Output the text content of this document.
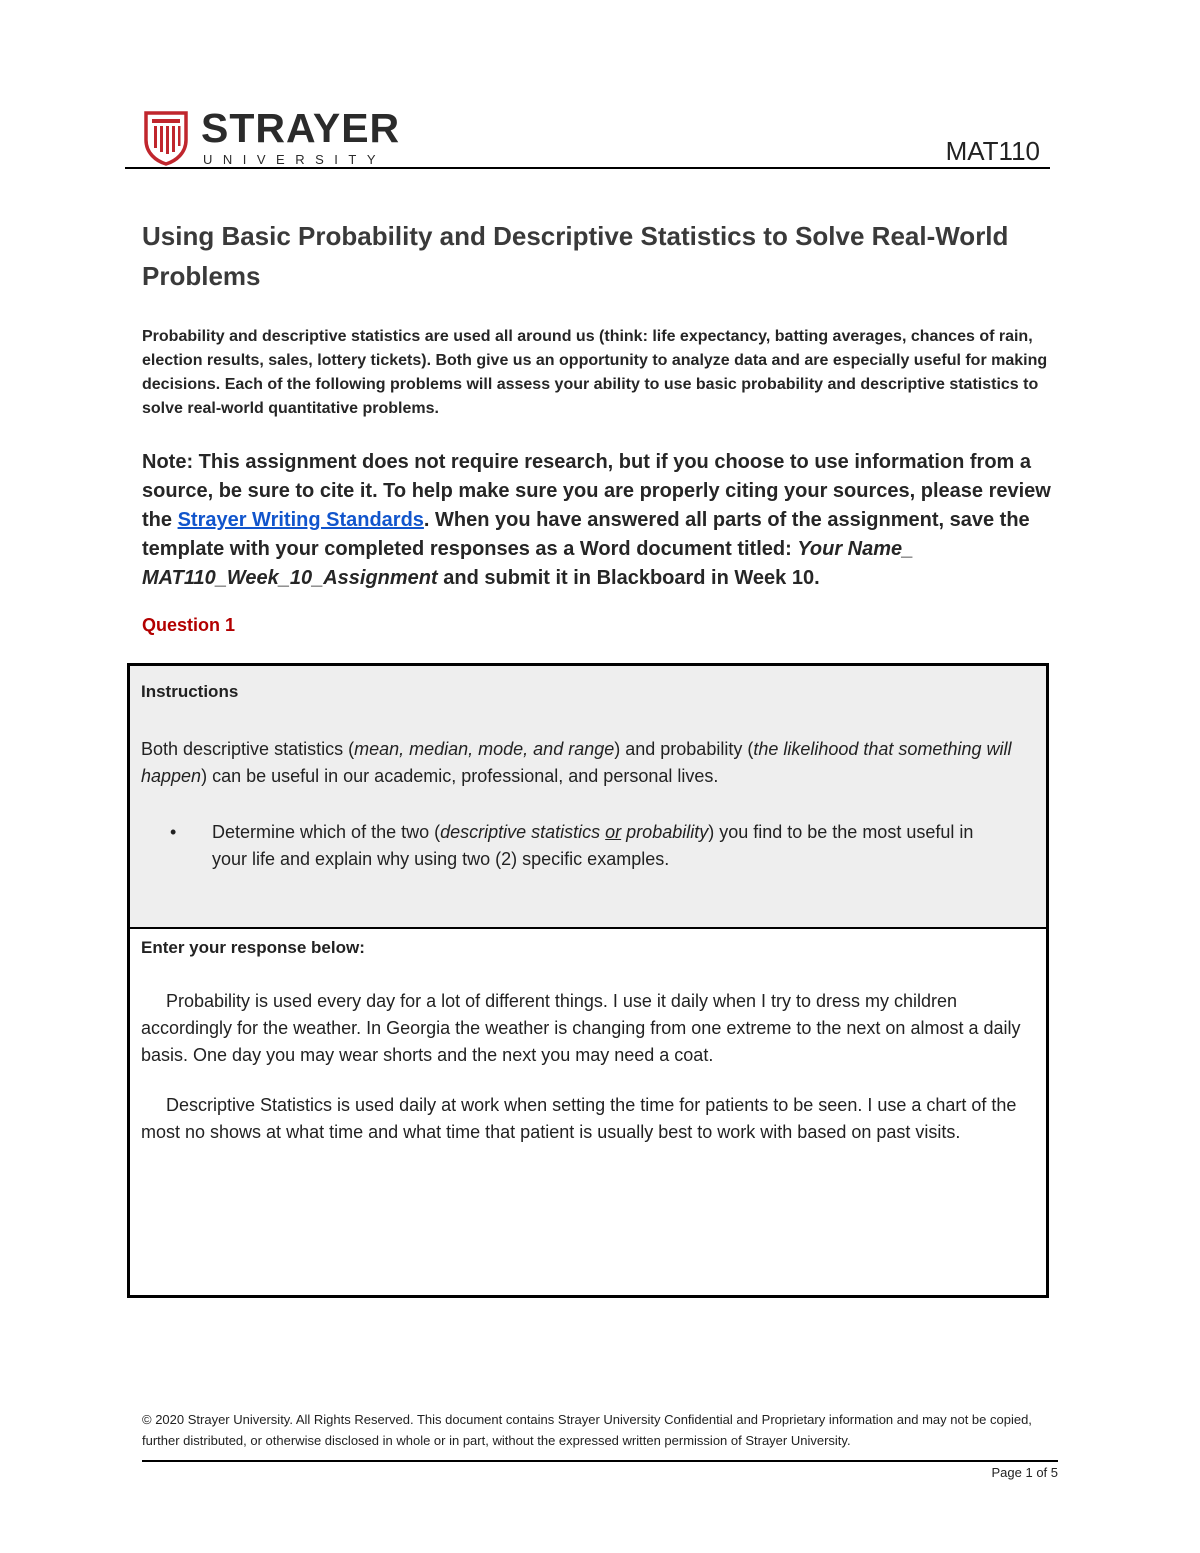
STRAYER
UNIVERSITY	MAT110
Using Basic Probability and Descriptive Statistics to Solve Real-World Problems
Probability and descriptive statistics are used all around us (think: life expectancy, batting averages, chances of rain, election results, sales, lottery tickets). Both give us an opportunity to analyze data and are especially useful for making decisions. Each of the following problems will assess your ability to use basic probability and descriptive statistics to solve real-world quantitative problems.
Note: This assignment does not require research, but if you choose to use information from a source, be sure to cite it. To help make sure you are properly citing your sources, please review the Strayer Writing Standards. When you have answered all parts of the assignment, save the template with your completed responses as a Word document titled: Your Name_ MAT110_Week_10_Assignment and submit it in Blackboard in Week 10.
Question 1
Instructions
Both descriptive statistics (mean, median, mode, and range) and probability (the likelihood that something will happen) can be useful in our academic, professional, and personal lives.
•	Determine which of the two (descriptive statistics or probability) you find to be the most useful in your life and explain why using two (2) specific examples.
Enter your response below:

Probability is used every day for a lot of different things. I use it daily when I try to dress my children accordingly for the weather. In Georgia the weather is changing from one extreme to the next on almost a daily basis. One day you may wear shorts and the next you may need a coat.

Descriptive Statistics is used daily at work when setting the time for patients to be seen. I use a chart of the most no shows at what time and what time that patient is usually best to work with based on past visits.

© 2020 Strayer University. All Rights Reserved. This document contains Strayer University Confidential and Proprietary information and may not be copied, further distributed, or otherwise disclosed in whole or in part, without the expressed written permission of Strayer University.
Page 1 of 5
